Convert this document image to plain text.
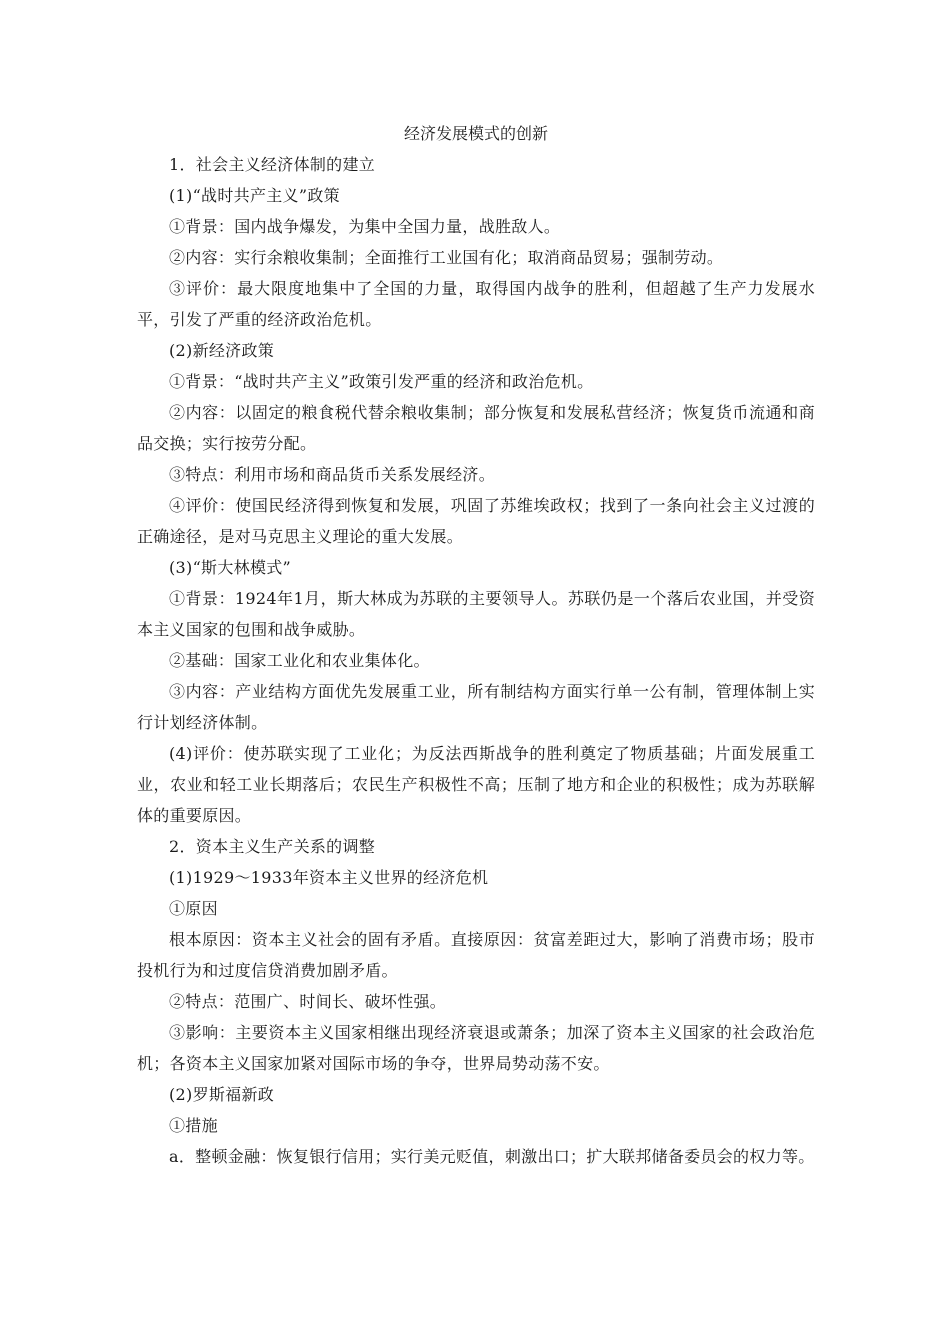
经济发展模式的创新

1．社会主义经济体制的建立

(1)“战时共产主义”政策

①背景：国内战争爆发，为集中全国力量，战胜敌人。

②内容：实行余粮收集制；全面推行工业国有化；取消商品贸易；强制劳动。

③评价：最大限度地集中了全国的力量，取得国内战争的胜利，但超越了生产力发展水平，引发了严重的经济政治危机。

(2)新经济政策

①背景：“战时共产主义”政策引发严重的经济和政治危机。

②内容：以固定的粮食税代替余粮收集制；部分恢复和发展私营经济；恢复货币流通和商品交换；实行按劳分配。

③特点：利用市场和商品货币关系发展经济。

④评价：使国民经济得到恢复和发展，巩固了苏维埃政权；找到了一条向社会主义过渡的正确途径，是对马克思主义理论的重大发展。

(3)“斯大林模式”

①背景：1924年1月，斯大林成为苏联的主要领导人。苏联仍是一个落后农业国，并受资本主义国家的包围和战争威胁。

②基础：国家工业化和农业集体化。

③内容：产业结构方面优先发展重工业，所有制结构方面实行单一公有制，管理体制上实行计划经济体制。

(4)评价：使苏联实现了工业化；为反法西斯战争的胜利奠定了物质基础；片面发展重工业，农业和轻工业长期落后；农民生产积极性不高；压制了地方和企业的积极性；成为苏联解体的重要原因。

2．资本主义生产关系的调整

(1)1929～1933年资本主义世界的经济危机

①原因

根本原因：资本主义社会的固有矛盾。直接原因：贫富差距过大，影响了消费市场；股市投机行为和过度信贷消费加剧矛盾。

②特点：范围广、时间长、破坏性强。

③影响：主要资本主义国家相继出现经济衰退或萧条；加深了资本主义国家的社会政治危机；各资本主义国家加紧对国际市场的争夺，世界局势动荡不安。

(2)罗斯福新政

①措施

a．整顿金融：恢复银行信用；实行美元贬值，刺激出口；扩大联邦储备委员会的权力等。
